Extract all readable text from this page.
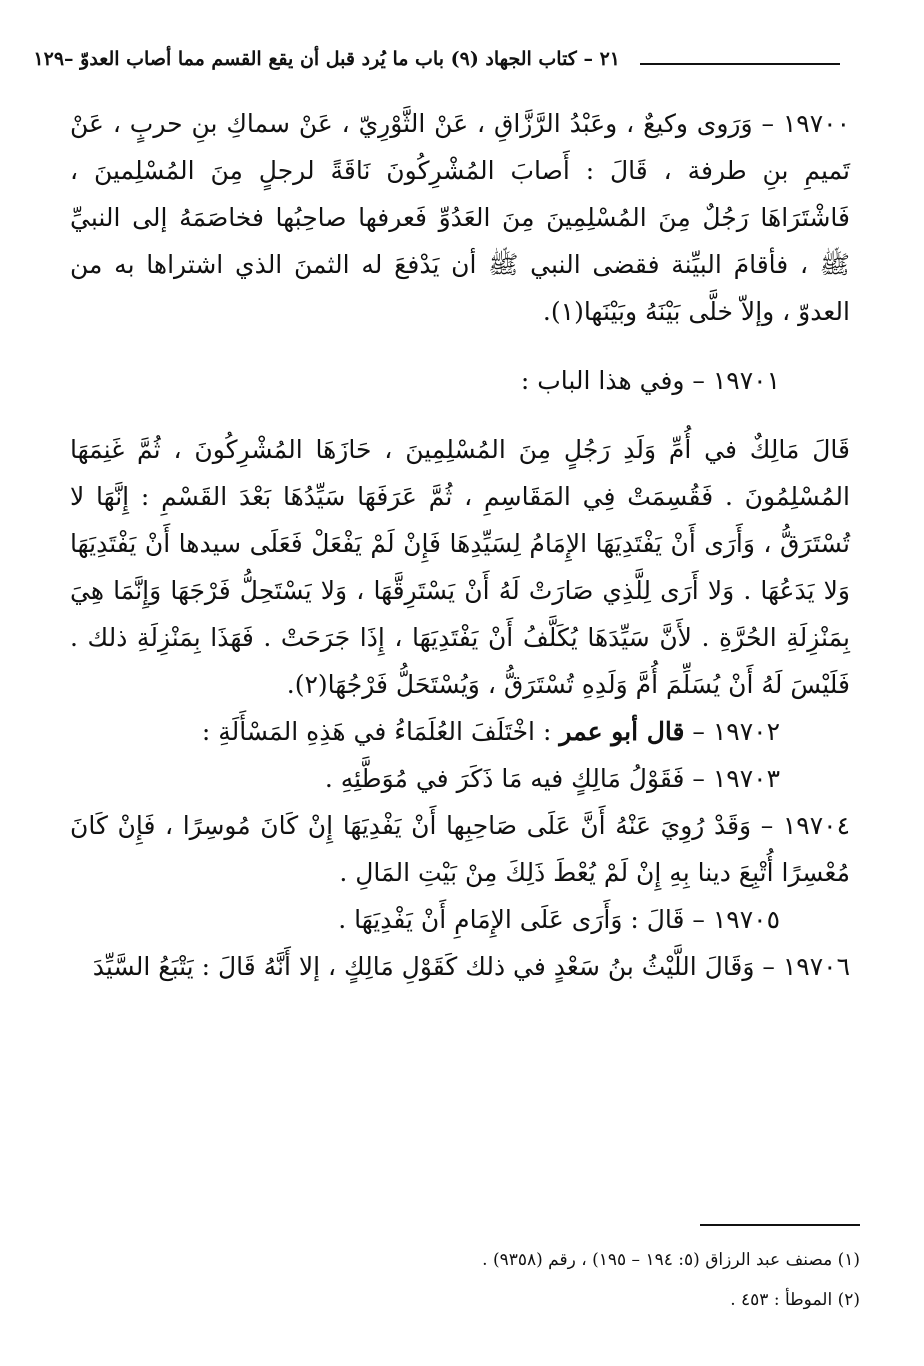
٢١ – كتاب الجهاد (٩) باب ما يُرد قبل أن يقع القسم مما أصاب العدوّ –١٢٩

١٩٧٠٠ – وَرَوى وكيعٌ ، وعَبْدُ الرَّزَّاقِ ، عَنْ الثَّوْرِيّ ، عَنْ سماكِ بنِ حربٍ ، عَنْ تَميمِ بنِ طرفة ، قَالَ : أَصابَ المُشْرِكُونَ نَاقَةً لرجلٍ مِنَ المُسْلِمينَ ، فَاشْتَرَاهَا رَجُلٌ مِنَ المُسْلِمِينَ مِنَ العَدُوِّ فَعرفها صاحِبُها فخاصَمَهُ إلى النبيِّ ﷺ ، فأقامَ البيِّنة فقضى النبي ﷺ أن يَدْفعَ له الثمنَ الذي اشتراها به من العدوّ ، وإلاّ خلَّى بَيْنَهُ وبَيْنَها(١).

١٩٧٠١ – وفي هذا الباب :

قَالَ مَالِكٌ في أُمِّ وَلَدِ رَجُلٍ مِنَ المُسْلِمِينَ ، حَازَهَا المُشْرِكُونَ ، ثُمَّ غَنِمَهَا المُسْلِمُونَ . فَقُسِمَتْ فِي المَقَاسِمِ ، ثُمَّ عَرَفَهَا سَيِّدُهَا بَعْدَ القَسْمِ : إِنَّهَا لا تُسْتَرَقُّ ، وَأَرَى أَنْ يَفْتَدِيَهَا الإِمَامُ لِسَيِّدِهَا فَإِنْ لَمْ يَفْعَلْ فَعَلَى سيدها أَنْ يَفْتَدِيَهَا وَلا يَدَعُهَا . وَلا أَرَى لِلَّذِي صَارَتْ لَهُ أَنْ يَسْتَرِقَّهَا ، وَلا يَسْتَحِلُّ فَرْجَهَا وَإِنَّمَا هِيَ بِمَنْزِلَةِ الحُرَّةِ . لأَنَّ سَيِّدَهَا يُكَلَّفُ أَنْ يَفْتَدِيَهَا ، إِذَا جَرَحَتْ . فَهَذَا بِمَنْزِلَةِ ذلك . فَلَيْسَ لَهُ أَنْ يُسَلِّمَ أُمَّ وَلَدِهِ تُسْتَرَقُّ ، وَيُسْتَحَلُّ فَرْجُهَا(٢).

١٩٧٠٢ – قال أبو عمر : اخْتَلَفَ العُلَمَاءُ في هَذِهِ المَسْأَلَةِ :

١٩٧٠٣ – فَقَوْلُ مَالِكٍ فيه مَا ذَكَرَ في مُوَطَّئِهِ .

١٩٧٠٤ – وَقَدْ رُوِيَ عَنْهُ أَنَّ عَلَى صَاحِبِها أَنْ يَفْدِيَهَا إِنْ كَانَ مُوسِرًا ، فَإِنْ كَانَ مُعْسِرًا أُتْبِعَ دينا بِهِ إِنْ لَمْ يُعْطَ ذَلِكَ مِنْ بَيْتِ المَالِ .

١٩٧٠٥ – قَالَ : وَأَرَى عَلَى الإِمَامِ أَنْ يَفْدِيَهَا .

١٩٧٠٦ – وَقَالَ اللَّيْثُ بنُ سَعْدٍ في ذلك كَقَوْلِ مَالِكٍ ، إلا أَنَّهُ قَالَ : يَتْبَعُ السَّيِّدَ

(١) مصنف عبد الرزاق (٥: ١٩٤ – ١٩٥) ، رقم (٩٣٥٨) .
(٢) الموطأ : ٤٥٣ .
